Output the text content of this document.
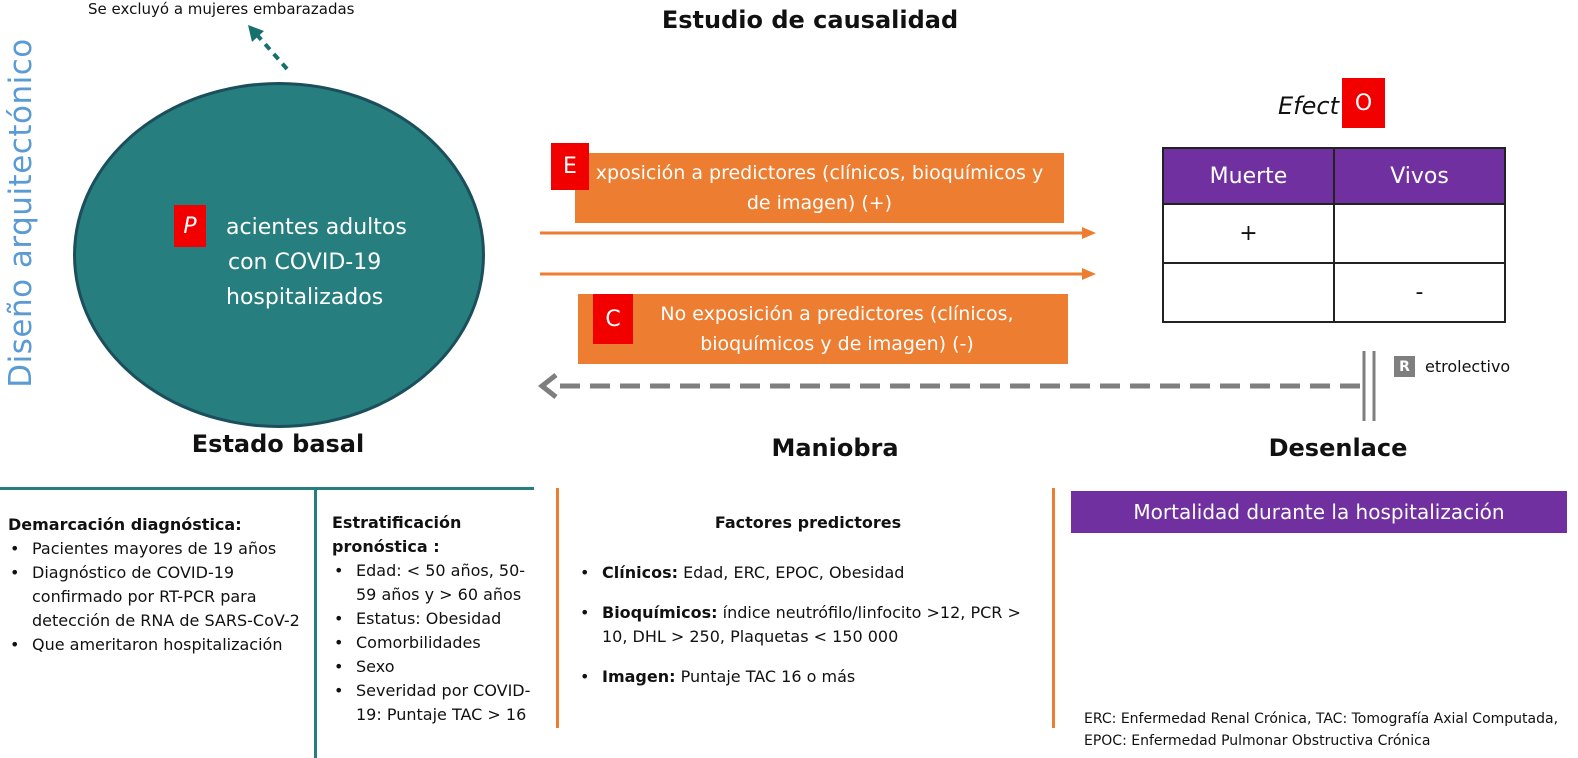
Diseño arquitectónico
Estudio de causalidad
Se excluyó a mujeres embarazadas
P	acientes adultos
con COVID-19
hospitalizados
xposición a predictores (clínicos, bioquímicos y
de imagen) (+)
E
No exposición a predictores (clínicos,
bioquímicos y de imagen) (-)
C
R etrolectivo
Efect O
Muerte	Vivos
+	
	-
Estado basal	Maniobra	Desenlace
Demarcación diagnóstica:
• Pacientes mayores de 19 años
• Diagnóstico de COVID-19 confirmado por RT-PCR para detección de RNA de SARS-CoV-2
• Que ameritaron hospitalización
Estratificación pronóstica :
• Edad: < 50 años, 50-59 años y > 60 años
• Estatus: Obesidad
• Comorbilidades
• Sexo
• Severidad por COVID-19: Puntaje TAC > 16
Factores predictores
• Clínicos: Edad, ERC, EPOC, Obesidad
• Bioquímicos: índice neutrófilo/linfocito >12, PCR > 10, DHL > 250, Plaquetas < 150 000
• Imagen: Puntaje TAC 16 o más
Mortalidad durante la hospitalización
ERC: Enfermedad Renal Crónica, TAC: Tomografía Axial Computada,
EPOC: Enfermedad Pulmonar Obstructiva Crónica
